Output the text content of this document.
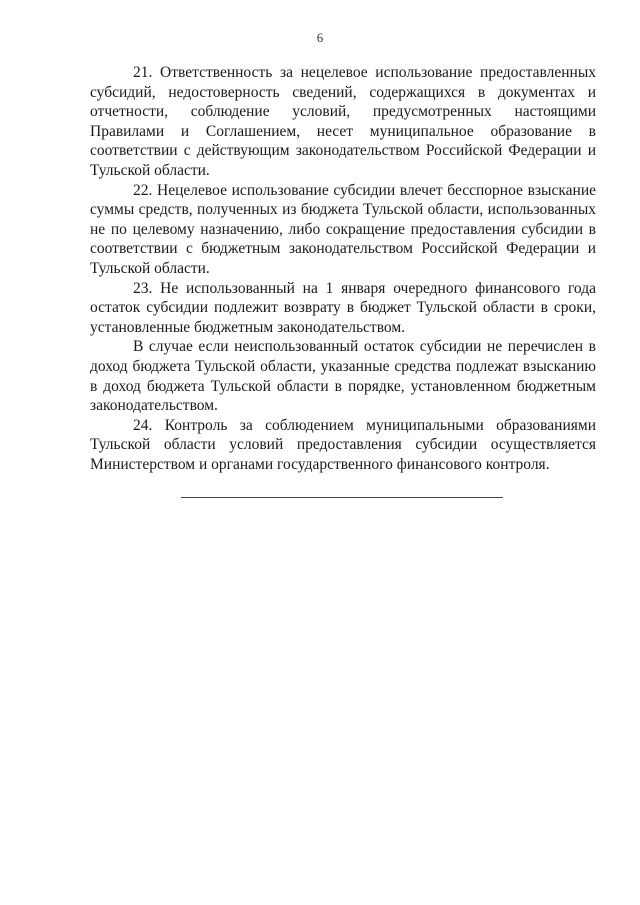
6

21. Ответственность за нецелевое использование предоставленных субсидий, недостоверность сведений, содержащихся в документах и отчетности, соблюдение условий, предусмотренных настоящими Правилами и Соглашением, несет муниципальное образование в соответствии с действующим законодательством Российской Федерации и Тульской области.

22. Нецелевое использование субсидии влечет бесспорное взыскание суммы средств, полученных из бюджета Тульской области, использованных не по целевому назначению, либо сокращение предоставления субсидии в соответствии с бюджетным законодательством Российской Федерации и Тульской области.

23. Не использованный на 1 января очередного финансового года остаток субсидии подлежит возврату в бюджет Тульской области в сроки, установленные бюджетным законодательством.

В случае если неиспользованный остаток субсидии не перечислен в доход бюджета Тульской области, указанные средства подлежат взысканию в доход бюджета Тульской области в порядке, установленном бюджетным законодательством.

24. Контроль за соблюдением муниципальными образованиями Тульской области условий предоставления субсидии осуществляется Министерством и органами государственного финансового контроля.
